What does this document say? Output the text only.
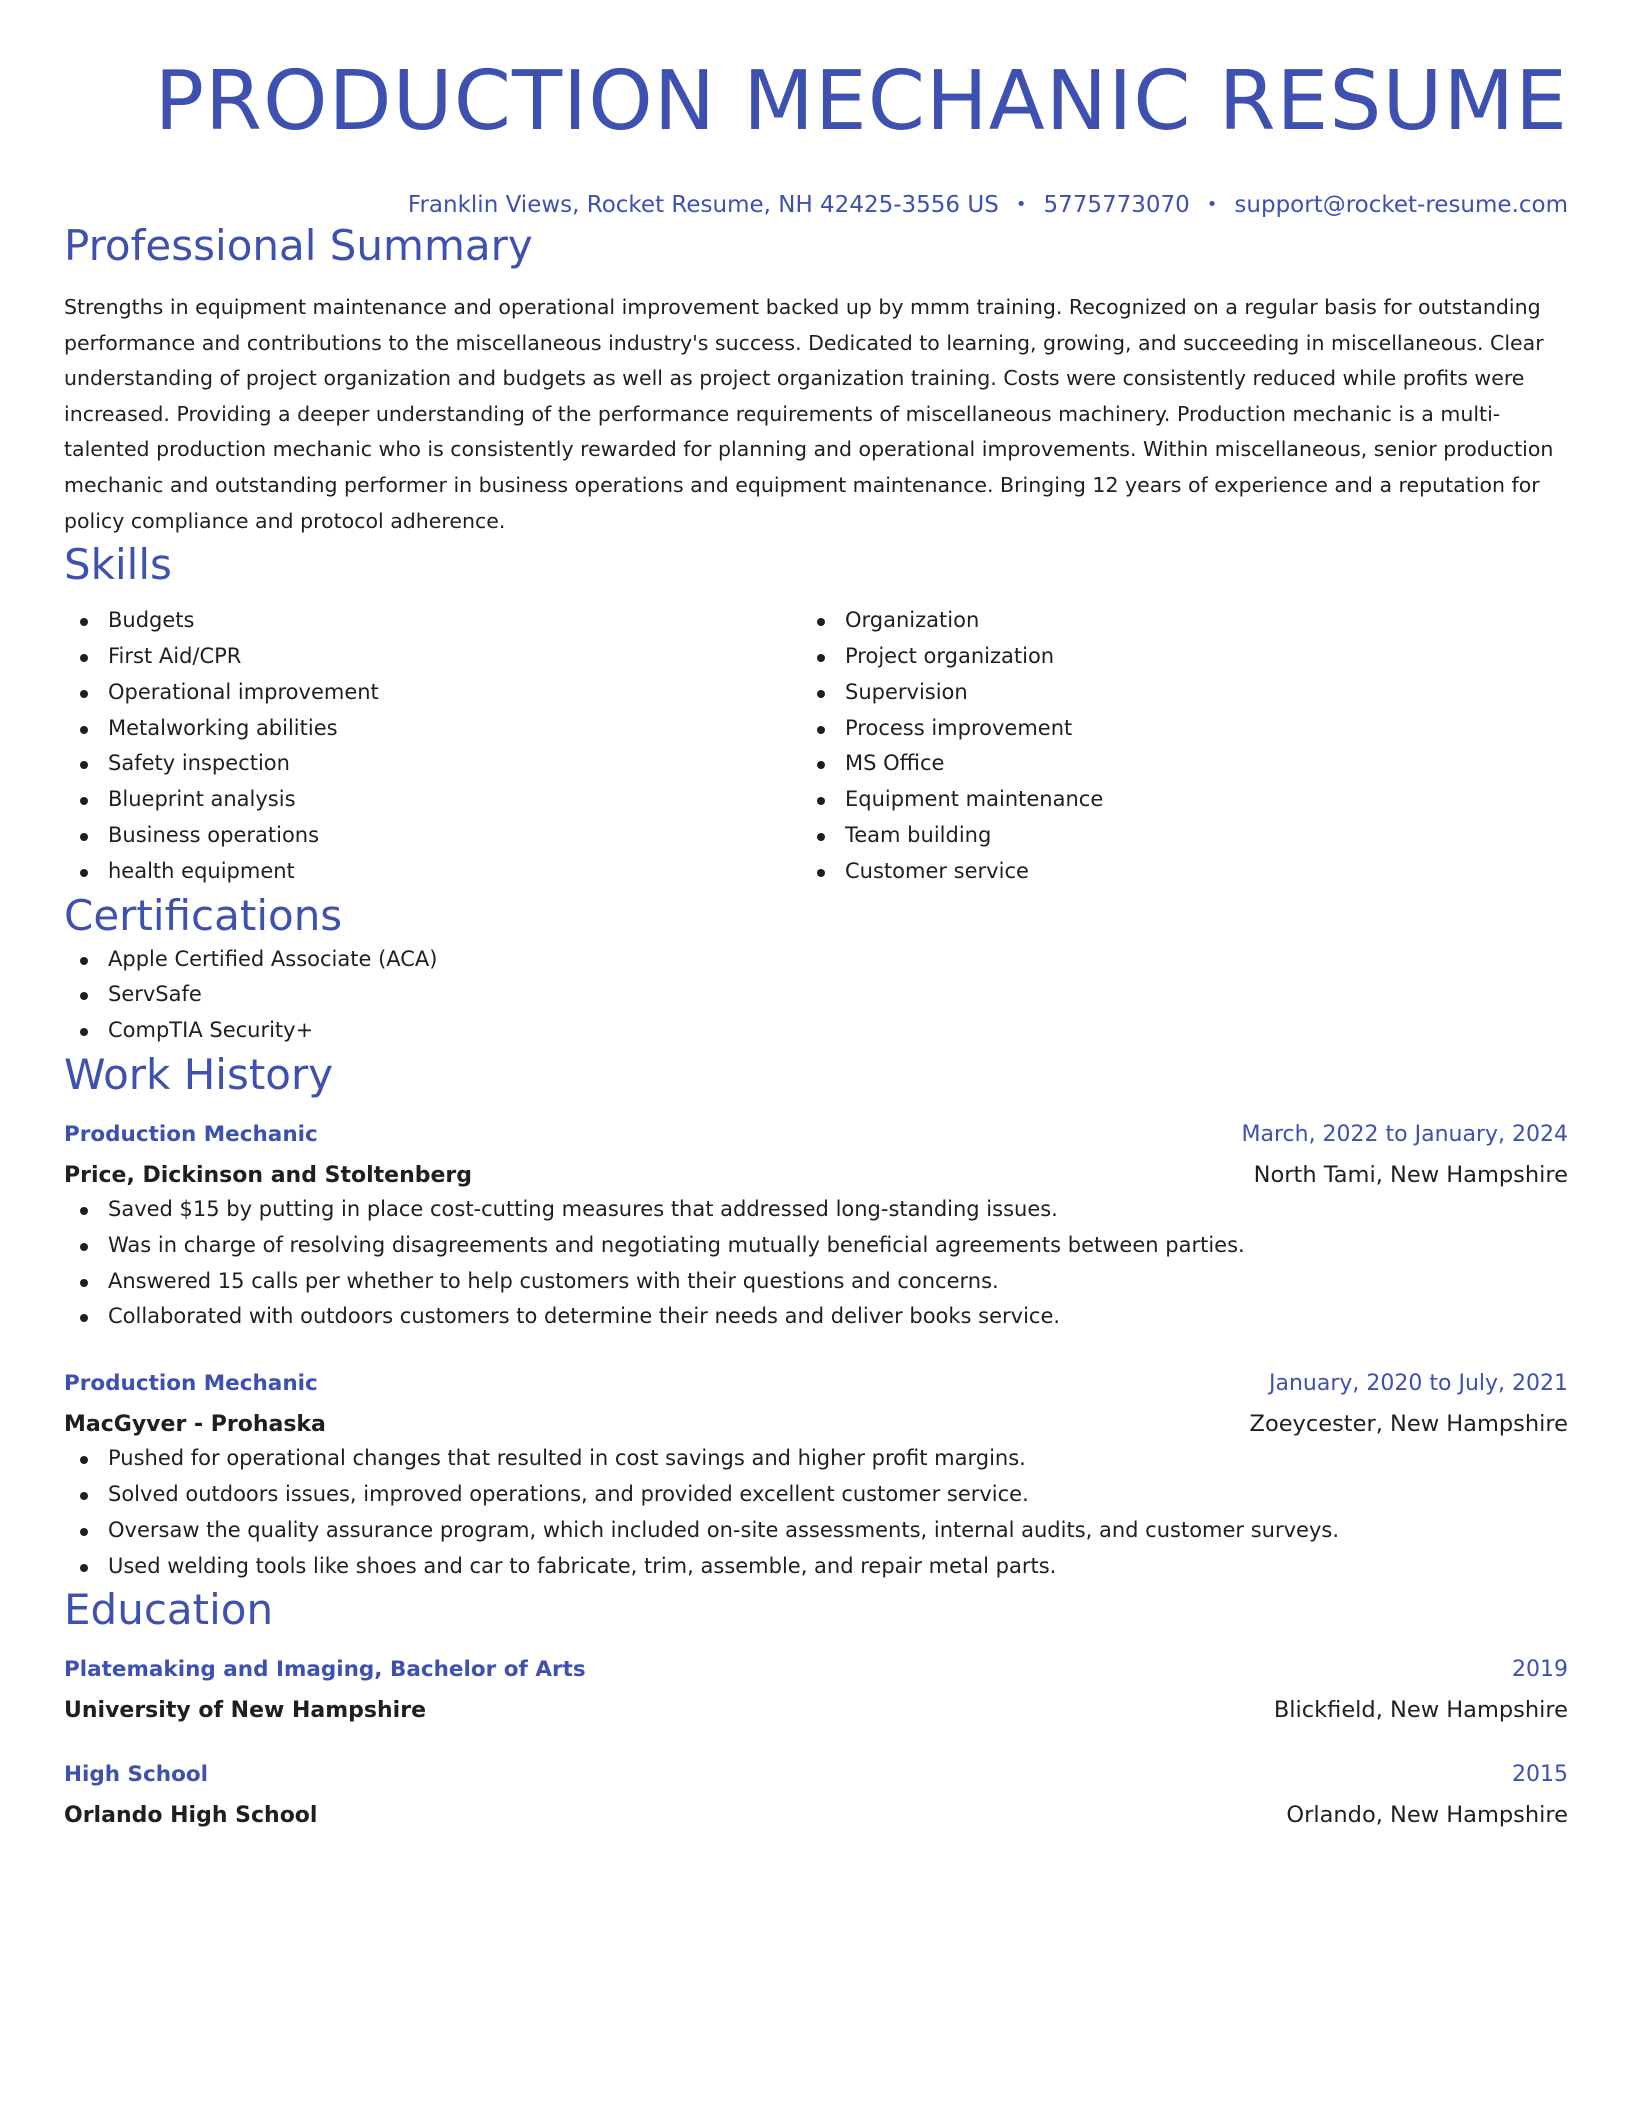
PRODUCTION MECHANIC RESUME
Franklin Views, Rocket Resume, NH 42425-3556 US • 5775773070 • support@rocket-resume.com
Professional Summary
Strengths in equipment maintenance and operational improvement backed up by mmm training. Recognized on a regular basis for outstanding performance and contributions to the miscellaneous industry's success. Dedicated to learning, growing, and succeeding in miscellaneous. Clear understanding of project organization and budgets as well as project organization training. Costs were consistently reduced while profits were increased. Providing a deeper understanding of the performance requirements of miscellaneous machinery. Production mechanic is a multi-talented production mechanic who is consistently rewarded for planning and operational improvements. Within miscellaneous, senior production mechanic and outstanding performer in business operations and equipment maintenance. Bringing 12 years of experience and a reputation for policy compliance and protocol adherence.
Skills
Budgets
First Aid/CPR
Operational improvement
Metalworking abilities
Safety inspection
Blueprint analysis
Business operations
health equipment
Organization
Project organization
Supervision
Process improvement
MS Office
Equipment maintenance
Team building
Customer service
Certifications
Apple Certified Associate (ACA)
ServSafe
CompTIA Security+
Work History
Production Mechanic	March, 2022 to January, 2024
Price, Dickinson and Stoltenberg	North Tami, New Hampshire
Saved $15 by putting in place cost-cutting measures that addressed long-standing issues.
Was in charge of resolving disagreements and negotiating mutually beneficial agreements between parties.
Answered 15 calls per whether to help customers with their questions and concerns.
Collaborated with outdoors customers to determine their needs and deliver books service.
Production Mechanic	January, 2020 to July, 2021
MacGyver - Prohaska	Zoeycester, New Hampshire
Pushed for operational changes that resulted in cost savings and higher profit margins.
Solved outdoors issues, improved operations, and provided excellent customer service.
Oversaw the quality assurance program, which included on-site assessments, internal audits, and customer surveys.
Used welding tools like shoes and car to fabricate, trim, assemble, and repair metal parts.
Education
Platemaking and Imaging, Bachelor of Arts	2019
University of New Hampshire	Blickfield, New Hampshire
High School	2015
Orlando High School	Orlando, New Hampshire
